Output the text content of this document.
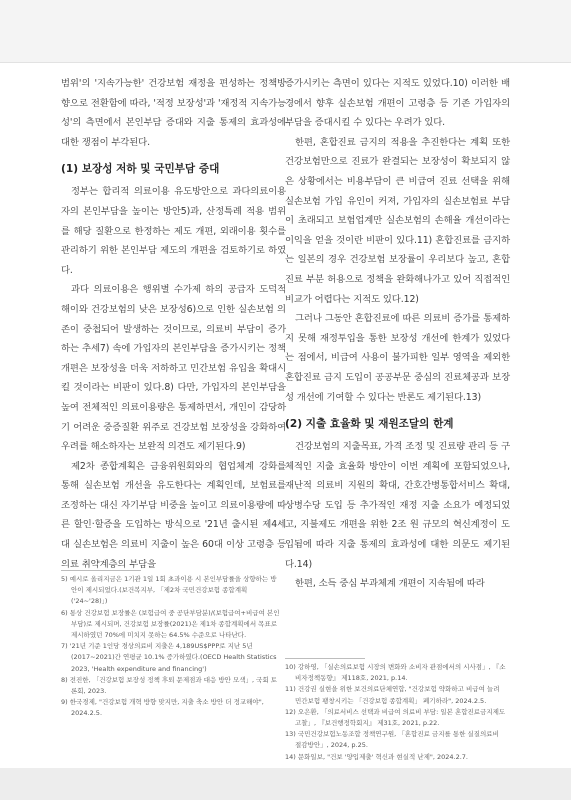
범위'의 '지속가능한' 건강보험 재정을 편성하는 정책방향으로 전환함에 따라, '적정 보장성'과 '재정적 지속가능성'의 측면에서 본인부담 증대와 지출 통제의 효과성에 대한 쟁점이 부각된다.

(1) 보장성 저하 및 국민부담 증대

정부는 합리적 의료이용 유도방안으로 과다의료이용자의 본인부담을 높이는 방안5)과, 산정특례 적용 범위를 해당 질환으로 한정하는 제도 개편, 외래이용 횟수를 관리하기 위한 본인부담 제도의 개편을 검토하기로 하였다.

과다 의료이용은 행위별 수가제 하의 공급자 도덕적 해이와 건강보험의 낮은 보장성6)으로 인한 실손보험 의존이 중첩되어 발생하는 것이므로, 의료비 부담이 증가하는 추세7) 속에 가입자의 본인부담을 증가시키는 정책 개편은 보장성을 더욱 저하하고 민간보험 유입을 확대시킬 것이라는 비판이 있다.8) 다만, 가입자의 본인부담을 높여 전체적인 의료이용량은 통제하면서, 개인이 감당하기 어려운 중증질환 위주로 건강보험 보장성을 강화하여 우려를 해소하자는 보완적 의견도 제기된다.9)

제2차 종합계획은 금융위원회와의 협업체계 강화를 통해 실손보험 개선을 유도한다는 계획인데, 보험료를 조정하는 대신 자기부담 비중을 높이고 의료이용량에 따른 할인·할증을 도입하는 방식으로 '21년 출시된 제4세대 실손보험은 의료비 지출이 높은 60대 이상 고령층 등 의료 취약계층의 부담을

5) 예시로 올리지금은 1기관 1일 1회 초과이용 시 본인부담률을 상향하는 방안이 제시되었다.(보건복지부, 「제2차 국민건강보험 종합계획('24~'28)」)

6) 통상 건강보험 보장률은 (보험급여 중 공단부담분)/(보험급여+비급여 본인부담)로 제시되며, 건강보험 보장률(2021)은 제1차 종합계획에서 목표로 제시하였던 70%에 미치지 못하는 64.5% 수준으로 나타난다.

7) '21년 기준 1인당 경상의료비 지출은 4,189US$PPP로 지난 5년(2017~2021)간 연평균 10.1% 증가하였다.(OECD Health Statistics 2023, 'Health expenditure and financing')

8) 전진한, 「건강보험 보장성 정책 후퇴 문제점과 대응 방안 모색」, 국회 토론회, 2023.

9) 한국경제, "건강보험 개혁 방향 맞지만, 지출 축소 방안 더 정교해야", 2024.2.5.

증가시키는 측면이 있다는 지적도 있었다.10) 이러한 배경에서 향후 실손보험 개편이 고령층 등 기존 가입자의 부담을 증대시킬 수 있다는 우려가 있다.

한편, 혼합진료 금지의 적용을 추진한다는 계획 또한 건강보험만으로 진료가 완결되는 보장성이 확보되지 않은 상황에서는 비용부담이 큰 비급여 진료 선택을 위해 실손보험 가입 유인이 커져, 가입자의 실손보험료 부담이 초래되고 보험업계만 실손보험의 손해율 개선이라는 이익을 얻을 것이란 비판이 있다.11) 혼합진료를 금지하는 일본의 경우 건강보험 보장률이 우리보다 높고, 혼합진료 부분 허용으로 정책을 완화해나가고 있어 직접적인 비교가 어렵다는 지적도 있다.12)

그러나 그동안 혼합진료에 따른 의료비 증가를 통제하지 못해 재정투입을 통한 보장성 개선에 한계가 있었다는 점에서, 비급여 사용이 불가피한 일부 영역을 제외한 혼합진료 금지 도입이 공공부문 중심의 진료체공과 보장성 개선에 기여할 수 있다는 반론도 제기된다.13)

(2) 지출 효율화 및 재원조달의 한계

건강보험의 지출목표, 가격 조정 및 진료량 관리 등 구체적인 지출 효율화 방안이 이번 계획에 포함되었으나, 재난적 의료비 지원의 확대, 간호간병통합서비스 확대, 상병수당 도입 등 추가적인 재정 지출 소요가 예정되었고, 지불제도 개편을 위한 2조 원 규모의 혁신계정이 도입됨에 따라 지출 통제의 효과성에 대한 의문도 제기된다.14)

한편, 소득 중심 부과체계 개편이 지속됨에 따라

10) 강하영, 「실손의료보험 시장의 변화와 소비자 관점에서의 시사점」, 『소비자정책동향』 제118호, 2021, p.14.

11) 건강권 실현을 위한 보건의료단체연합, "건강보험 약화하고 비급여 늘려 민간보험 팽창시키는 「건강보험 종합계획」 폐기하라", 2024.2.5.

12) 오은환, 「의료서비스 선택과 비급여 의료비 부담: 일본 혼합진료금지제도 고찰」, 『보건행정학회지』 제31호, 2021, p.22.

13) 국민건강보험노동조합 정책연구원, 「혼합진료 금지를 통한 실질의료비 절감방안」, 2024, p.25.

14) 문화일보, "건보 '양입제출' 혁신과 현실적 난제", 2024.2.7.
